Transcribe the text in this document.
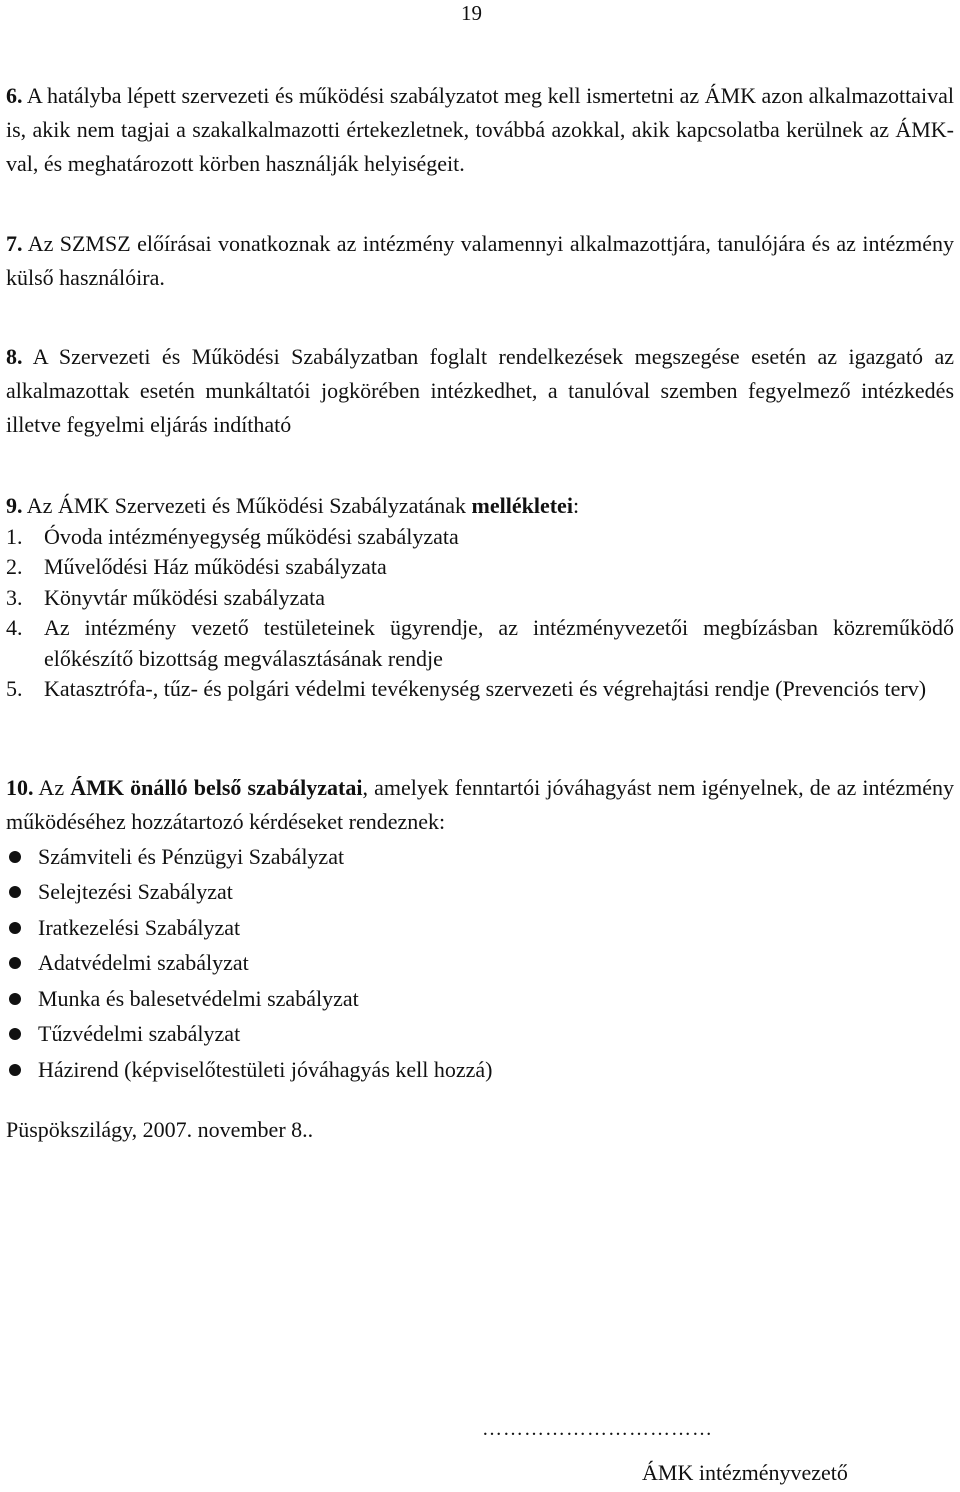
19

6. A hatályba lépett szervezeti és működési szabályzatot meg kell ismertetni az ÁMK azon alkalmazottaival is, akik nem tagjai a szakalkalmazotti értekezletnek, továbbá azokkal, akik kapcsolatba kerülnek az ÁMK-val, és meghatározott körben használják helyiségeit.

7. Az SZMSZ előírásai vonatkoznak az intézmény valamennyi alkalmazottjára, tanulójára és az intézmény külső használóira.

8. A Szervezeti és Működési Szabályzatban foglalt rendelkezések megszegése esetén az igazgató az alkalmazottak esetén munkáltatói jogkörében intézkedhet, a tanulóval szemben fegyelmező intézkedés illetve fegyelmi eljárás indítható

9. Az ÁMK Szervezeti és Működési Szabályzatának mellékletei:
1. Óvoda intézményegység működési szabályzata
2. Művelődési Ház működési szabályzata
3. Könyvtár működési szabályzata
4. Az intézmény vezető testületeinek ügyrendje, az intézményvezetői megbízásban közreműködő előkészítő bizottság megválasztásának rendje
5. Katasztrófa-, tűz- és polgári védelmi tevékenység szervezeti és végrehajtási rendje (Prevenciós terv)
10. Az ÁMK önálló belső szabályzatai, amelyek fenntartói jóváhagyást nem igényelnek, de az intézmény működéséhez hozzátartozó kérdéseket rendeznek:
Számviteli és Pénzügyi Szabályzat
Selejtezési Szabályzat
Iratkezelési Szabályzat
Adatvédelmi szabályzat
Munka és balesetvédelmi szabályzat
Tűzvédelmi szabályzat
Házirend (képviselőtestületi jóváhagyás kell hozzá)
Püspökszilágy, 2007. november 8..
……………………………
ÁMK intézményvezető
